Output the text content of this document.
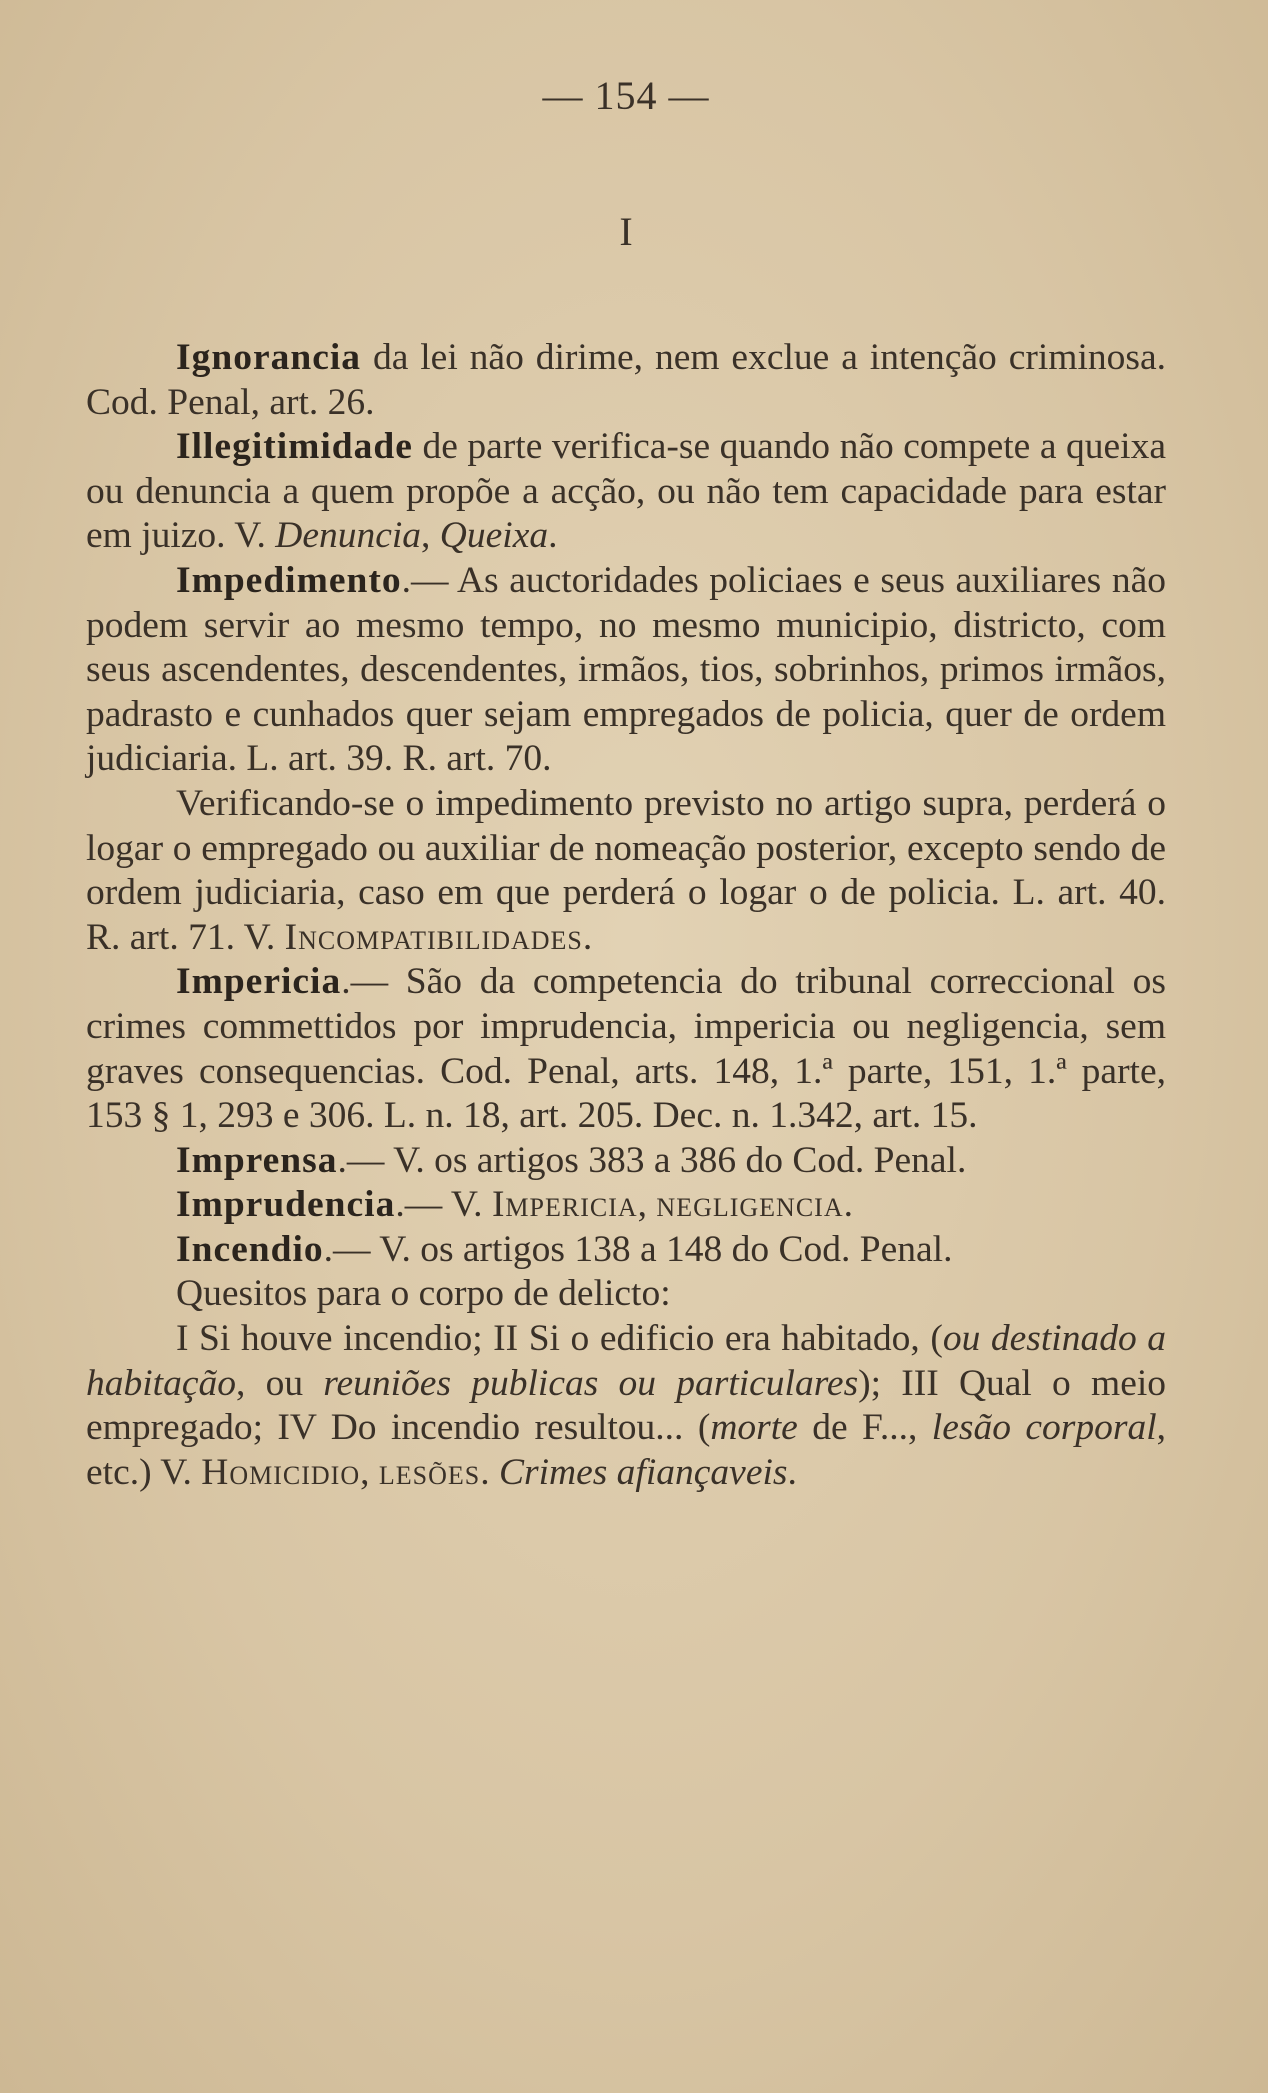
— 154 —
I

Ignorancia da lei não dirime, nem exclue a intenção criminosa. Cod. Penal, art. 26.

Illegitimidade de parte verifica-se quando não compete a queixa ou denuncia a quem propõe a acção, ou não tem capacidade para estar em juizo. V. Denuncia, Queixa.

Impedimento.— As auctoridades policiaes e seus auxiliares não podem servir ao mesmo tempo, no mesmo municipio, districto, com seus ascendentes, descendentes, irmãos, tios, sobrinhos, primos irmãos, padrasto e cunhados quer sejam empregados de policia, quer de ordem judiciaria. L. art. 39. R. art. 70.

Verificando-se o impedimento previsto no artigo supra, perderá o logar o empregado ou auxiliar de nomeação posterior, excepto sendo de ordem judiciaria, caso em que perderá o logar o de policia. L. art. 40. R. art. 71. V. Incompatibilidades.

Impericia.— São da competencia do tribunal correccional os crimes commettidos por imprudencia, impericia ou negligencia, sem graves consequencias. Cod. Penal, arts. 148, 1.ª parte, 151, 1.ª parte, 153 § 1, 293 e 306. L. n. 18, art. 205. Dec. n. 1.342, art. 15.

Imprensa.— V. os artigos 383 a 386 do Cod. Penal.

Imprudencia.— V. Impericia, negligencia.

Incendio.— V. os artigos 138 a 148 do Cod. Penal.

Quesitos para o corpo de delicto:

I Si houve incendio; II Si o edificio era habitado, (ou destinado a habitação, ou reuniões publicas ou particulares); III Qual o meio empregado; IV Do incendio resultou... (morte de F..., lesão corporal, etc.) V. Homicidio, lesões. Crimes afiançaveis.
